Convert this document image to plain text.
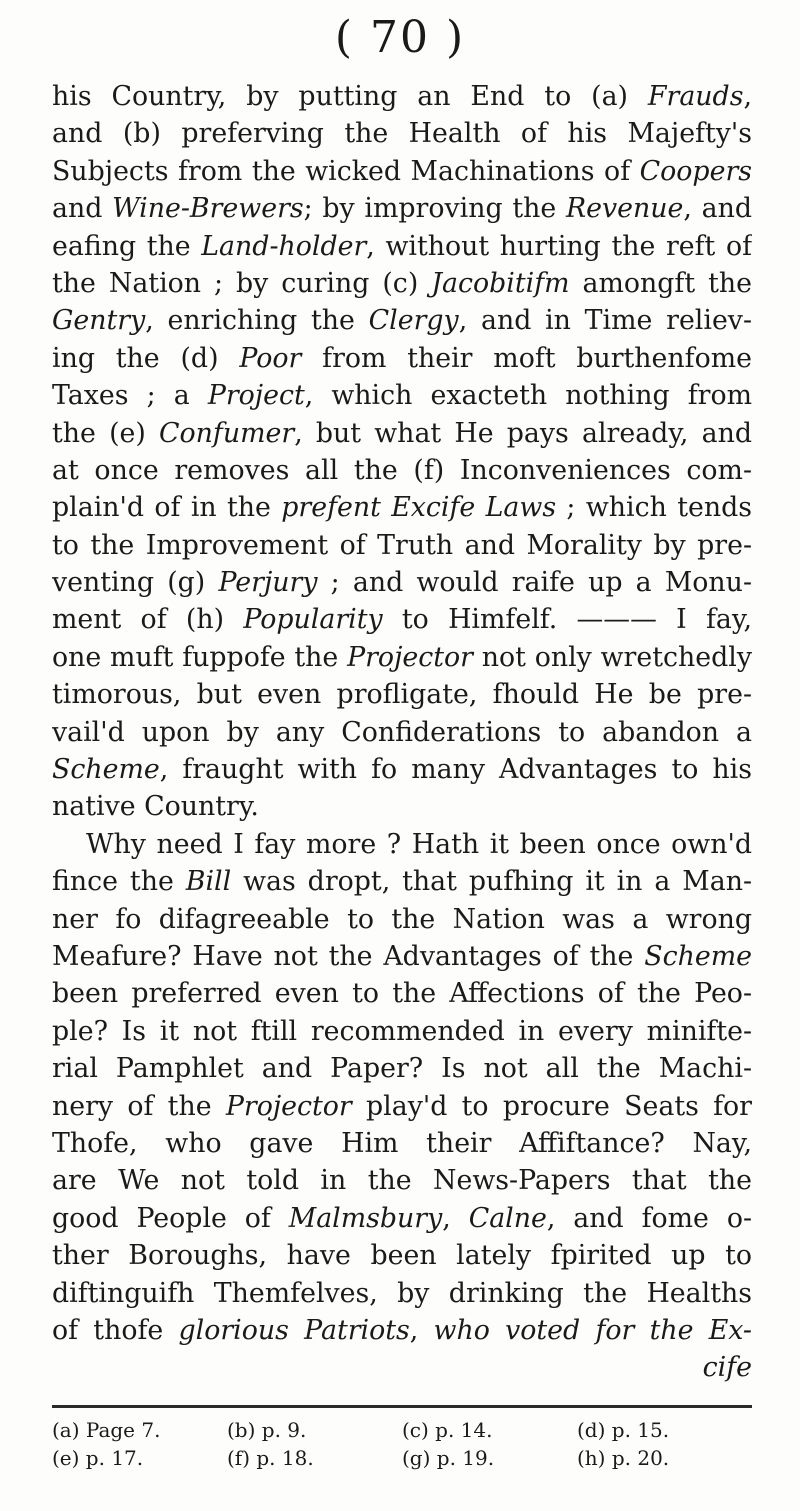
( 70 )
his Country, by putting an End to (a) Frauds,
and (b) preferving the Health of his Majefty's
Subjects from the wicked Machinations of Coopers
and Wine-Brewers; by improving the Revenue, and
eafing the Land-holder, without hurting the reft of
the Nation ; by curing (c) Jacobitifm amongft the
Gentry, enriching the Clergy, and in Time reliev-
ing the (d) Poor from their moft burthenfome
Taxes ; a Project, which exacteth nothing from
the (e) Confumer, but what He pays already, and
at once removes all the (f) Inconveniences com-
plain'd of in the prefent Excife Laws ; which tends
to the Improvement of Truth and Morality by pre-
venting (g) Perjury ; and would raife up a Monu-
ment of (h) Popularity to Himfelf. ——— I fay,
one muft fuppofe the Projector not only wretchedly
timorous, but even profligate, fhould He be pre-
vail'd upon by any Confiderations to abandon a
Scheme, fraught with fo many Advantages to his
native Country.
Why need I fay more ? Hath it been once own'd
fince the Bill was dropt, that pufhing it in a Man-
ner fo difagreeable to the Nation was a wrong
Meafure? Have not the Advantages of the Scheme
been preferred even to the Affections of the Peo-
ple? Is it not ftill recommended in every minifte-
rial Pamphlet and Paper? Is not all the Machi-
nery of the Projector play'd to procure Seats for
Thofe, who gave Him their Affiftance? Nay,
are We not told in the News-Papers that the
good People of Malmsbury, Calne, and fome o-
ther Boroughs, have been lately fpirited up to
diftinguifh Themfelves, by drinking the Healths
of thofe glorious Patriots, who voted for the Ex-
cife
(a) Page 7.	(b) p. 9.	(c) p. 14.	(d) p. 15.
(e) p. 17.	(f) p. 18.	(g) p. 19.	(h) p. 20.
